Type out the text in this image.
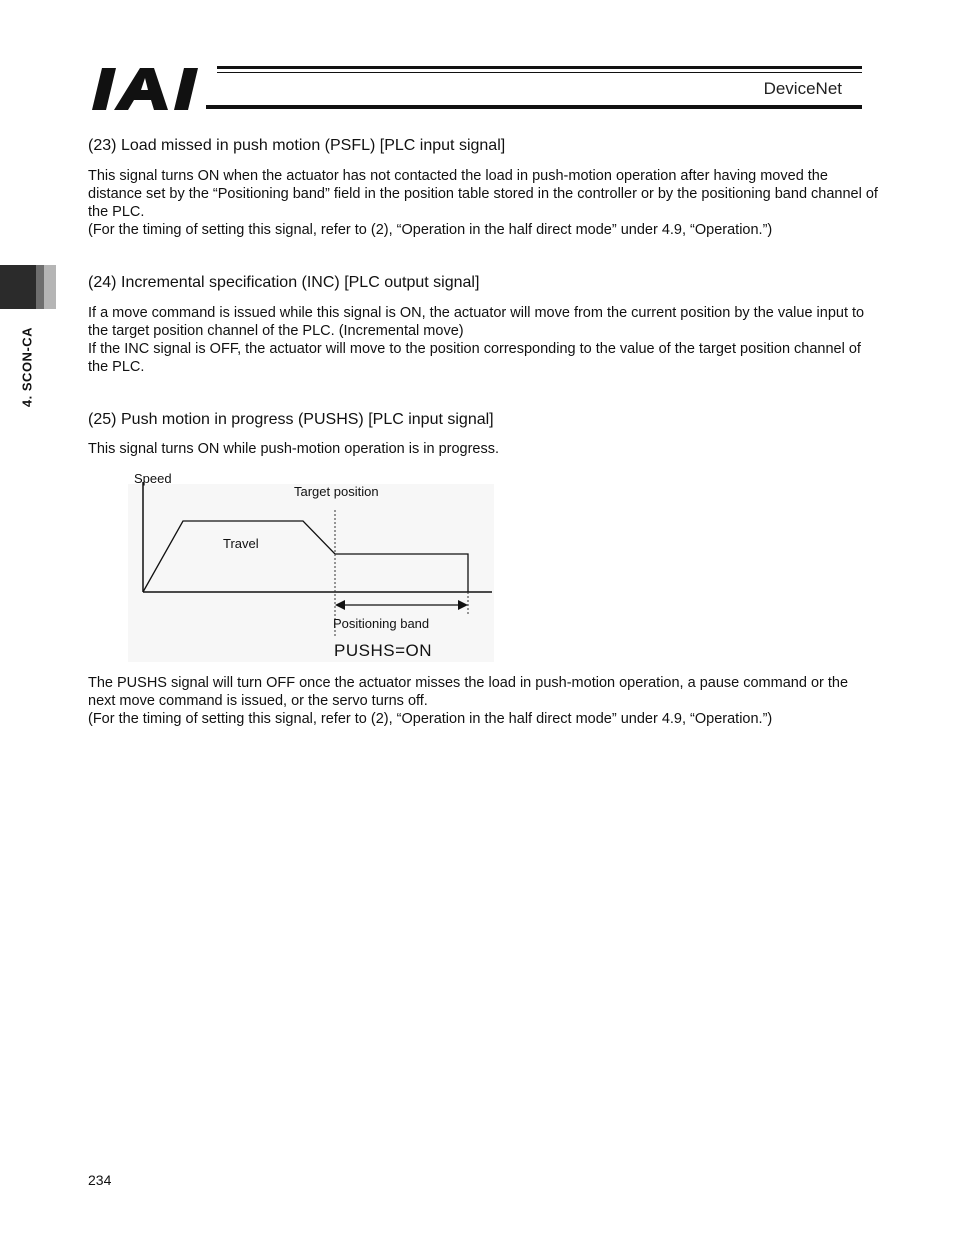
DeviceNet
4. SCON-CA
(23) Load missed in push motion (PSFL) [PLC input signal]

This signal turns ON when the actuator has not contacted the load in push-motion operation after having moved the distance set by the “Positioning band” field in the position table stored in the controller or by the positioning band channel of the PLC.

(For the timing of setting this signal, refer to (2), “Operation in the half direct mode” under 4.9, “Operation.”)

(24) Incremental specification (INC) [PLC output signal]

If a move command is issued while this signal is ON, the actuator will move from the current position by the value input to the target position channel of the PLC. (Incremental move)

If the INC signal is OFF, the actuator will move to the position corresponding to the value of the target position channel of the PLC.

(25) Push motion in progress (PUSHS) [PLC input signal]

This signal turns ON while push-motion operation is in progress.

Speed
Target position
Travel
Positioning band
PUSHS=ON

The PUSHS signal will turn OFF once the actuator misses the load in push-motion operation, a pause command or the next move command is issued, or the servo turns off.

(For the timing of setting this signal, refer to (2), “Operation in the half direct mode” under 4.9, “Operation.”)

234
